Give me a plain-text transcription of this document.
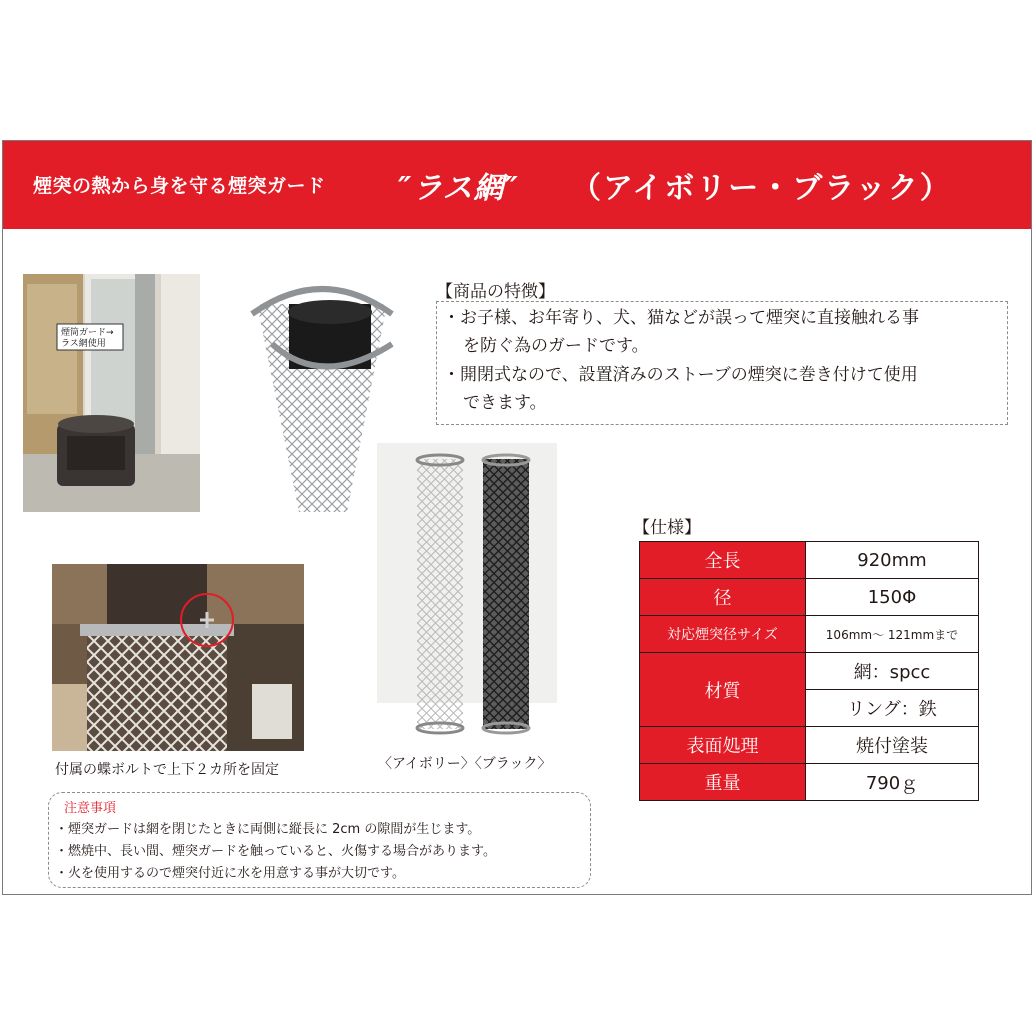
煙突の熱から身を守る煙突ガード ″ラス網″ （アイボリー・ブラック）
煙筒ガード→
ラス網使用
【商品の特徴】
・お子様、お年寄り、犬、猫などが誤って煙突に直接触れる事
を防ぐ為のガードです。
・開閉式なので、設置済みのストーブの煙突に巻き付けて使用
できます。
〈アイボリー〉〈ブラック〉
付属の蝶ボルトで上下２カ所を固定
【仕様】
全長	920mm
径	150Φ
対応煙突径サイズ	106mm～ 121mmまで
材質	網：spcc
	リング：鉄
表面処理	焼付塗装
重量	790ｇ
注意事項
・煙突ガードは網を閉じたときに両側に縦長に 2cm の隙間が生じます。
・燃焼中、長い間、煙突ガードを触っていると、火傷する場合があります。
・火を使用するので煙突付近に水を用意する事が大切です。
